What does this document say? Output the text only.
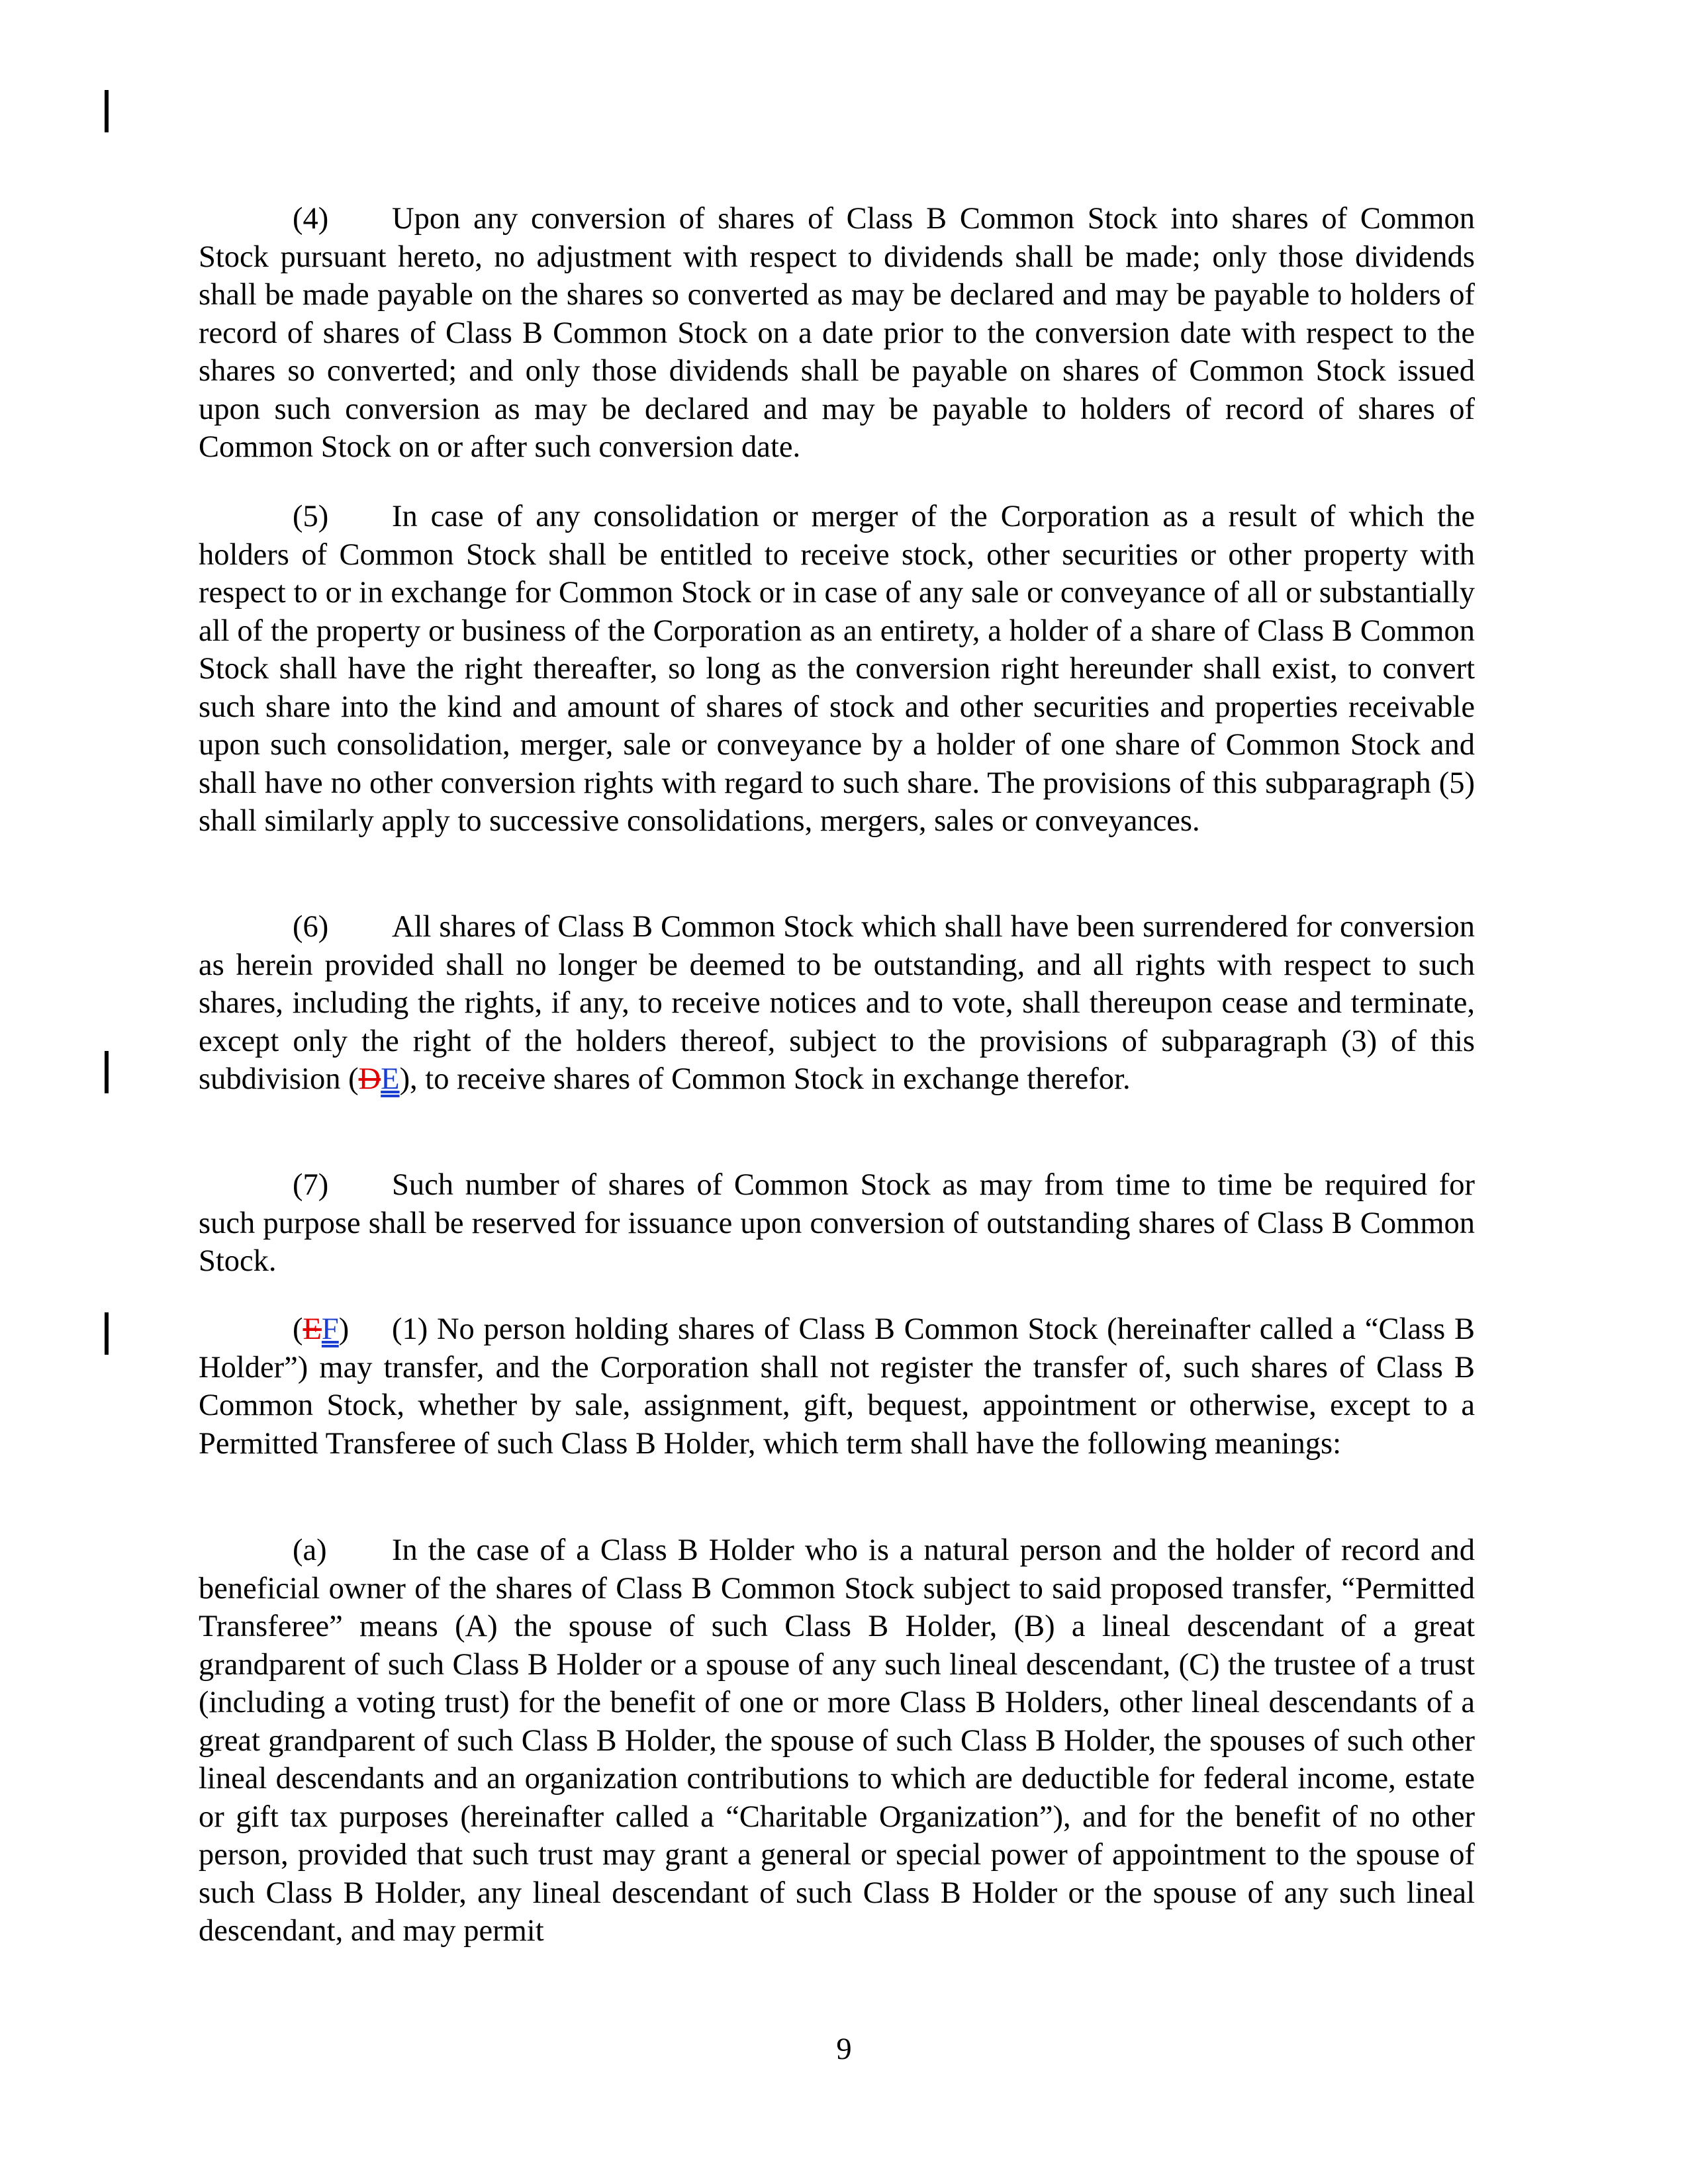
(4) Upon any conversion of shares of Class B Common Stock into shares of Common Stock pursuant hereto, no adjustment with respect to dividends shall be made; only those dividends shall be made payable on the shares so converted as may be declared and may be payable to holders of record of shares of Class B Common Stock on a date prior to the conversion date with respect to the shares so converted; and only those dividends shall be payable on shares of Common Stock issued upon such conversion as may be declared and may be payable to holders of record of shares of Common Stock on or after such conversion date.

(5) In case of any consolidation or merger of the Corporation as a result of which the holders of Common Stock shall be entitled to receive stock, other securities or other property with respect to or in exchange for Common Stock or in case of any sale or conveyance of all or substantially all of the property or business of the Corporation as an entirety, a holder of a share of Class B Common Stock shall have the right thereafter, so long as the conversion right hereunder shall exist, to convert such share into the kind and amount of shares of stock and other securities and properties receivable upon such consolidation, merger, sale or conveyance by a holder of one share of Common Stock and shall have no other conversion rights with regard to such share. The provisions of this subparagraph (5) shall similarly apply to successive consolidations, mergers, sales or conveyances.

(6) All shares of Class B Common Stock which shall have been surrendered for conversion as herein provided shall no longer be deemed to be outstanding, and all rights with respect to such shares, including the rights, if any, to receive notices and to vote, shall thereupon cease and terminate, except only the right of the holders thereof, subject to the provisions of subparagraph (3) of this subdivision (DE), to receive shares of Common Stock in exchange therefor.

(7) Such number of shares of Common Stock as may from time to time be required for such purpose shall be reserved for issuance upon conversion of outstanding shares of Class B Common Stock.

(EF) (1) No person holding shares of Class B Common Stock (hereinafter called a “Class B Holder”) may transfer, and the Corporation shall not register the transfer of, such shares of Class B Common Stock, whether by sale, assignment, gift, bequest, appointment or otherwise, except to a Permitted Transferee of such Class B Holder, which term shall have the following meanings:

(a) In the case of a Class B Holder who is a natural person and the holder of record and beneficial owner of the shares of Class B Common Stock subject to said proposed transfer, “Permitted Transferee” means (A) the spouse of such Class B Holder, (B) a lineal descendant of a great grandparent of such Class B Holder or a spouse of any such lineal descendant, (C) the trustee of a trust (including a voting trust) for the benefit of one or more Class B Holders, other lineal descendants of a great grandparent of such Class B Holder, the spouse of such Class B Holder, the spouses of such other lineal descendants and an organization contributions to which are deductible for federal income, estate or gift tax purposes (hereinafter called a “Charitable Organization”), and for the benefit of no other person, provided that such trust may grant a general or special power of appointment to the spouse of such Class B Holder, any lineal descendant of such Class B Holder or the spouse of any such lineal descendant, and may permit

9
